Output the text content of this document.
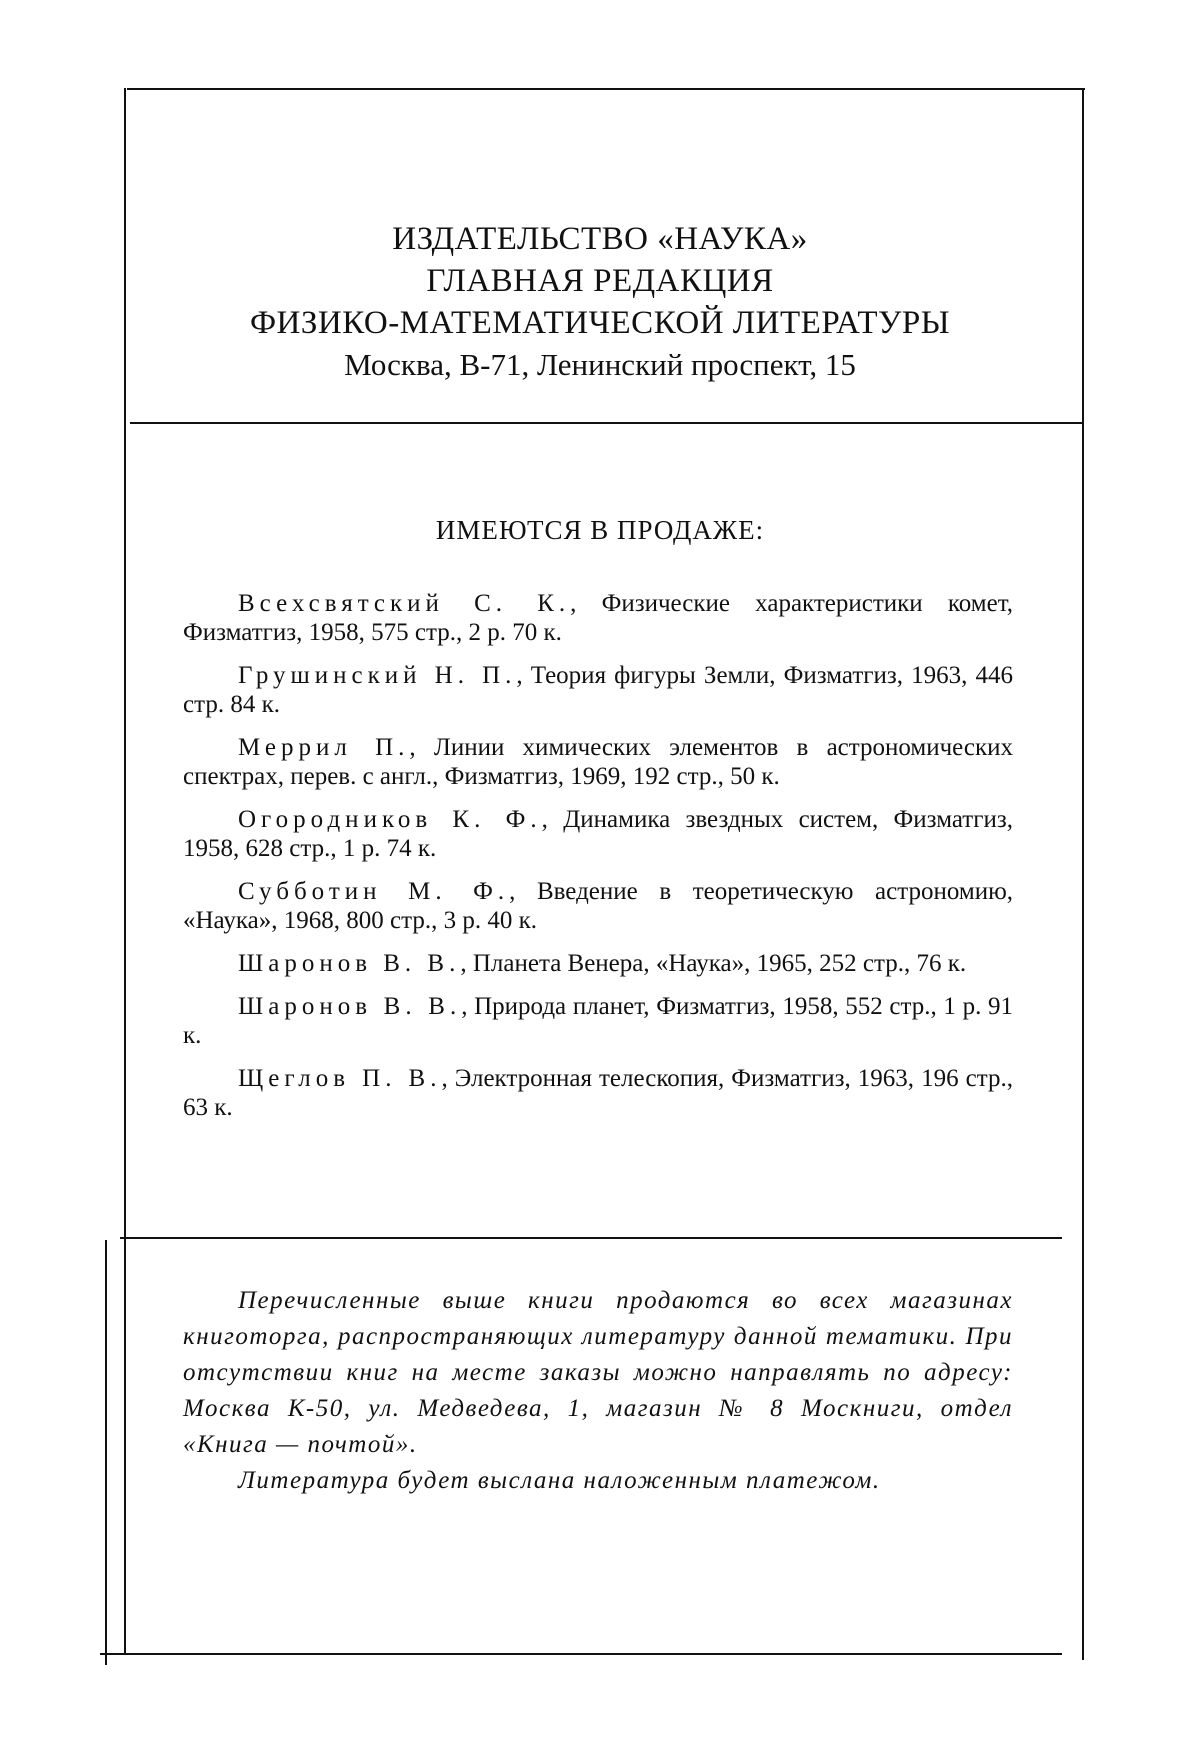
ИЗДАТЕЛЬСТВО «НАУКА»
ГЛАВНАЯ РЕДАКЦИЯ
ФИЗИКО-МАТЕМАТИЧЕСКОЙ ЛИТЕРАТУРЫ
Москва, В-71, Ленинский проспект, 15
ИМЕЮТСЯ В ПРОДАЖЕ:
Всехсвятский С. К., Физические характеристики комет, Физматгиз, 1958, 575 стр., 2 р. 70 к.
Грушинский Н. П., Теория фигуры Земли, Физматгиз, 1963, 446 стр. 84 к.
Меррил П., Линии химических элементов в астрономических спектрах, перев. с англ., Физматгиз, 1969, 192 стр., 50 к.
Огородников К. Ф., Динамика звездных систем, Физматгиз, 1958, 628 стр., 1 р. 74 к.
Субботин М. Ф., Введение в теоретическую астрономию, «Наука», 1968, 800 стр., 3 р. 40 к.
Шаронов В. В., Планета Венера, «Наука», 1965, 252 стр., 76 к.
Шаронов В. В., Природа планет, Физматгиз, 1958, 552 стр., 1 р. 91 к.
Щеглов П. В., Электронная телескопия, Физматгиз, 1963, 196 стр., 63 к.

Перечисленные выше книги продаются во всех магазинах книготорга, распространяющих литературу данной тематики. При отсутствии книг на месте заказы можно направлять по адресу: Москва К-50, ул. Медведева, 1, магазин № 8 Москниги, отдел «Книга — почтой».

Литература будет выслана наложенным платежом.
